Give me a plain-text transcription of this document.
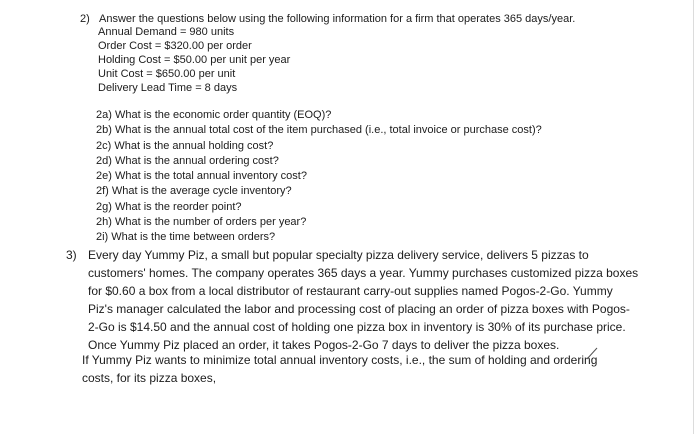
2) Answer the questions below using the following information for a firm that operates 365 days/year.
Annual Demand = 980 units
Order Cost = $320.00 per order
Holding Cost = $50.00 per unit per year
Unit Cost = $650.00 per unit
Delivery Lead Time = 8 days
2a) What is the economic order quantity (EOQ)?
2b) What is the annual total cost of the item purchased (i.e., total invoice or purchase cost)?
2c) What is the annual holding cost?
2d) What is the annual ordering cost?
2e) What is the total annual inventory cost?
2f) What is the average cycle inventory?
2g) What is the reorder point?
2h) What is the number of orders per year?
2i) What is the time between orders?
3) Every day Yummy Piz, a small but popular specialty pizza delivery service, delivers 5 pizzas to
customers' homes. The company operates 365 days a year. Yummy purchases customized pizza boxes
for $0.60 a box from a local distributor of restaurant carry-out supplies named Pogos-2-Go. Yummy
Piz's manager calculated the labor and processing cost of placing an order of pizza boxes with Pogos-
2-Go is $14.50 and the annual cost of holding one pizza box in inventory is 30% of its purchase price.
Once Yummy Piz placed an order, it takes Pogos-2-Go 7 days to deliver the pizza boxes.
If Yummy Piz wants to minimize total annual inventory costs, i.e., the sum of holding and ordering
costs, for its pizza boxes,
